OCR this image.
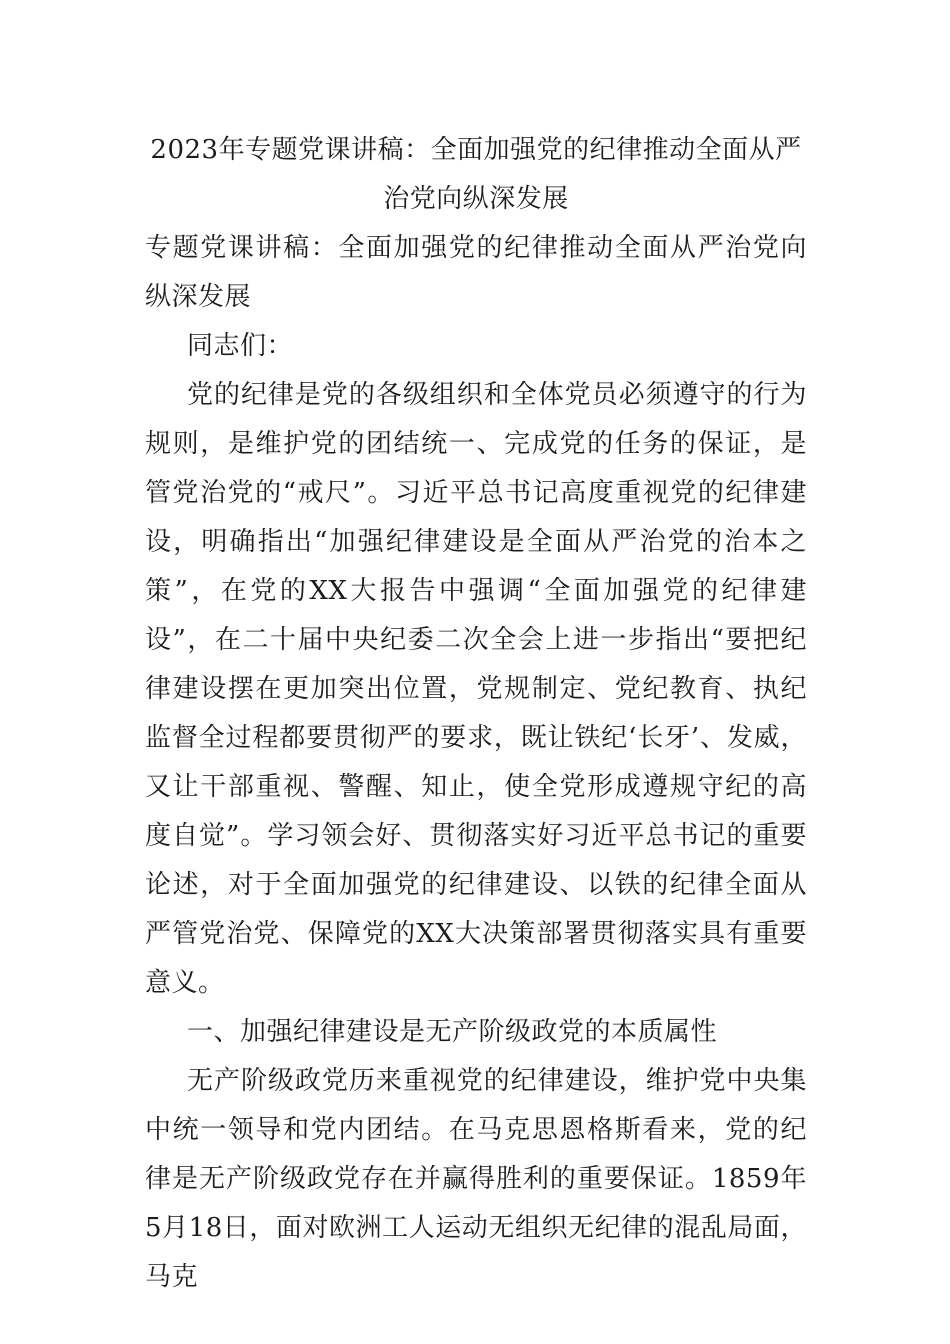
2023年专题党课讲稿：全面加强党的纪律推动全面从严治党向纵深发展

专题党课讲稿：全面加强党的纪律推动全面从严治党向纵深发展

同志们：

党的纪律是党的各级组织和全体党员必须遵守的行为规则，是维护党的团结统一、完成党的任务的保证，是管党治党的“戒尺”。习近平总书记高度重视党的纪律建设，明确指出“加强纪律建设是全面从严治党的治本之策”，在党的XX大报告中强调“全面加强党的纪律建设”，在二十届中央纪委二次全会上进一步指出“要把纪律建设摆在更加突出位置，党规制定、党纪教育、执纪监督全过程都要贯彻严的要求，既让铁纪‘长牙’、发威，又让干部重视、警醒、知止，使全党形成遵规守纪的高度自觉”。学习领会好、贯彻落实好习近平总书记的重要论述，对于全面加强党的纪律建设、以铁的纪律全面从严管党治党、保障党的XX大决策部署贯彻落实具有重要意义。

一、加强纪律建设是无产阶级政党的本质属性

无产阶级政党历来重视党的纪律建设，维护党中央集中统一领导和党内团结。在马克思恩格斯看来，党的纪律是无产阶级政党存在并赢得胜利的重要保证。1859年5月18日，面对欧洲工人运动无组织无纪律的混乱局面，马克
